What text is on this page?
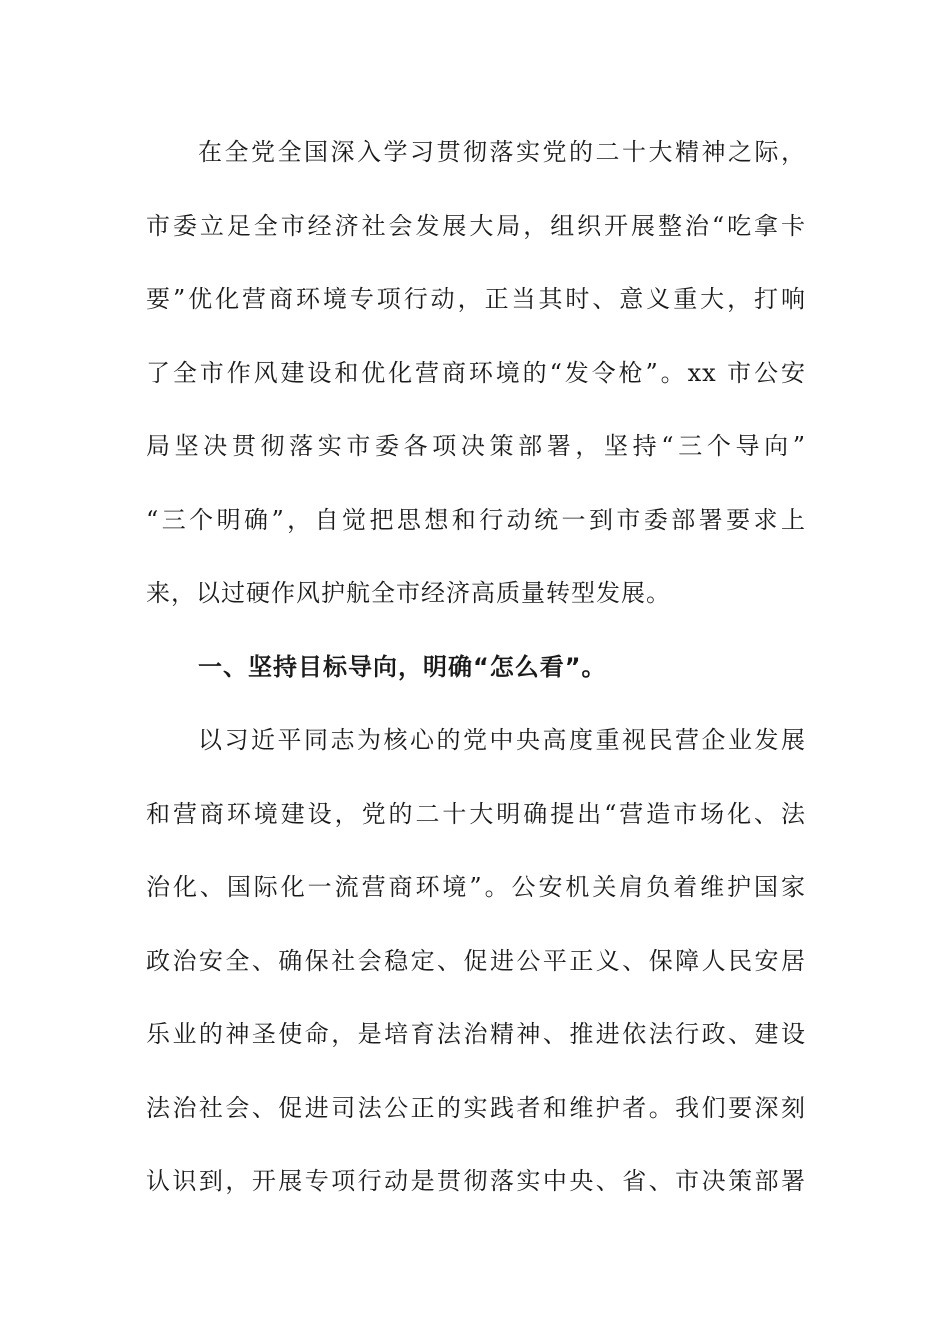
在全党全国深入学习贯彻落实党的二十大精神之际，
市委立足全市经济社会发展大局，组织开展整治“吃拿卡
要”优化营商环境专项行动，正当其时、意义重大，打响
了全市作风建设和优化营商环境的“发令枪”。xx 市公安
局坚决贯彻落实市委各项决策部署，坚持“三个导向”
“三个明确”，自觉把思想和行动统一到市委部署要求上
来，以过硬作风护航全市经济高质量转型发展。
一、坚持目标导向，明确“怎么看”。
以习近平同志为核心的党中央高度重视民营企业发展
和营商环境建设，党的二十大明确提出“营造市场化、法
治化、国际化一流营商环境”。公安机关肩负着维护国家
政治安全、确保社会稳定、促进公平正义、保障人民安居
乐业的神圣使命，是培育法治精神、推进依法行政、建设
法治社会、促进司法公正的实践者和维护者。我们要深刻
认识到，开展专项行动是贯彻落实中央、省、市决策部署
